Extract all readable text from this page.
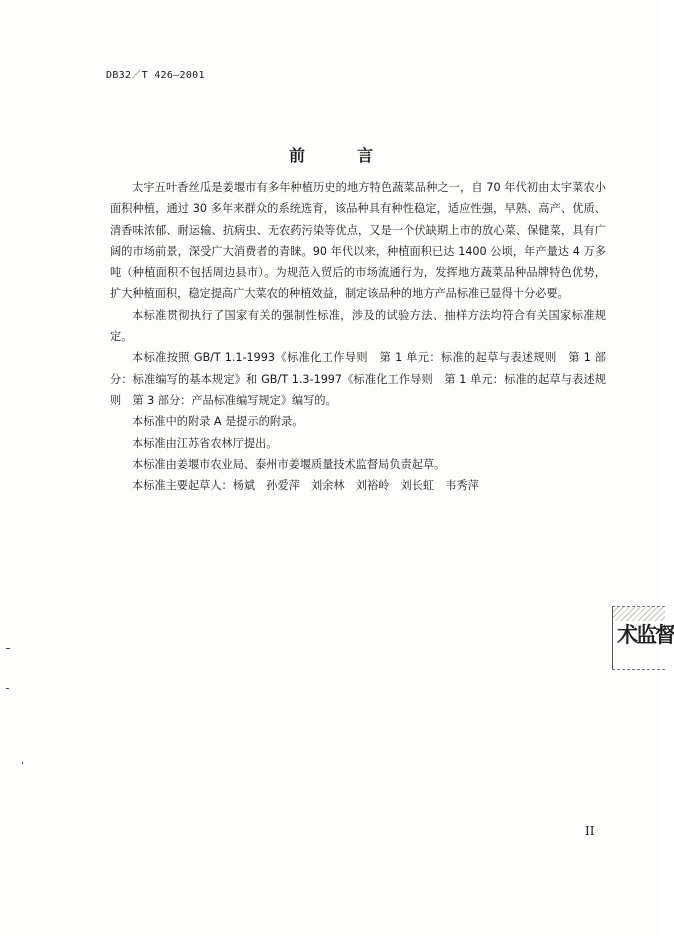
DB32／T 426—2001
前言

太宇五叶香丝瓜是姜堰市有多年种植历史的地方特色蔬菜品种之一，自 70 年代初由太宇菜农小面积种植，通过 30 多年来群众的系统选育，该品种具有种性稳定，适应性强，早熟、高产、优质、清香味浓郁、耐运输、抗病虫、无农药污染等优点，又是一个伏缺期上市的放心菜、保健菜，具有广阔的市场前景，深受广大消费者的青睐。90 年代以来，种植面积已达 1400 公顷，年产量达 4 万多吨（种植面积不包括周边县市）。为规范入贸后的市场流通行为，发挥地方蔬菜品种品牌特色优势，扩大种植面积，稳定提高广大菜农的种植效益，制定该品种的地方产品标准已显得十分必要。

本标准贯彻执行了国家有关的强制性标准，涉及的试验方法、抽样方法均符合有关国家标准规定。

本标准按照 GB/T 1.1-1993《标准化工作导则　第 1 单元：标准的起草与表述规则　第 1 部分：标准编写的基本规定》和 GB/T 1.3-1997《标准化工作导则　第 1 单元：标准的起草与表述规则　第 3 部分：产品标准编写规定》编写的。

本标准中的附录 A 是提示的附录。

本标准由江苏省农林厅提出。

本标准由姜堰市农业局、泰州市姜堰质量技术监督局负责起草。

本标准主要起草人：杨斌　孙爱萍　刘余林　刘裕岭　刘长虹　韦秀萍

术监督
II
